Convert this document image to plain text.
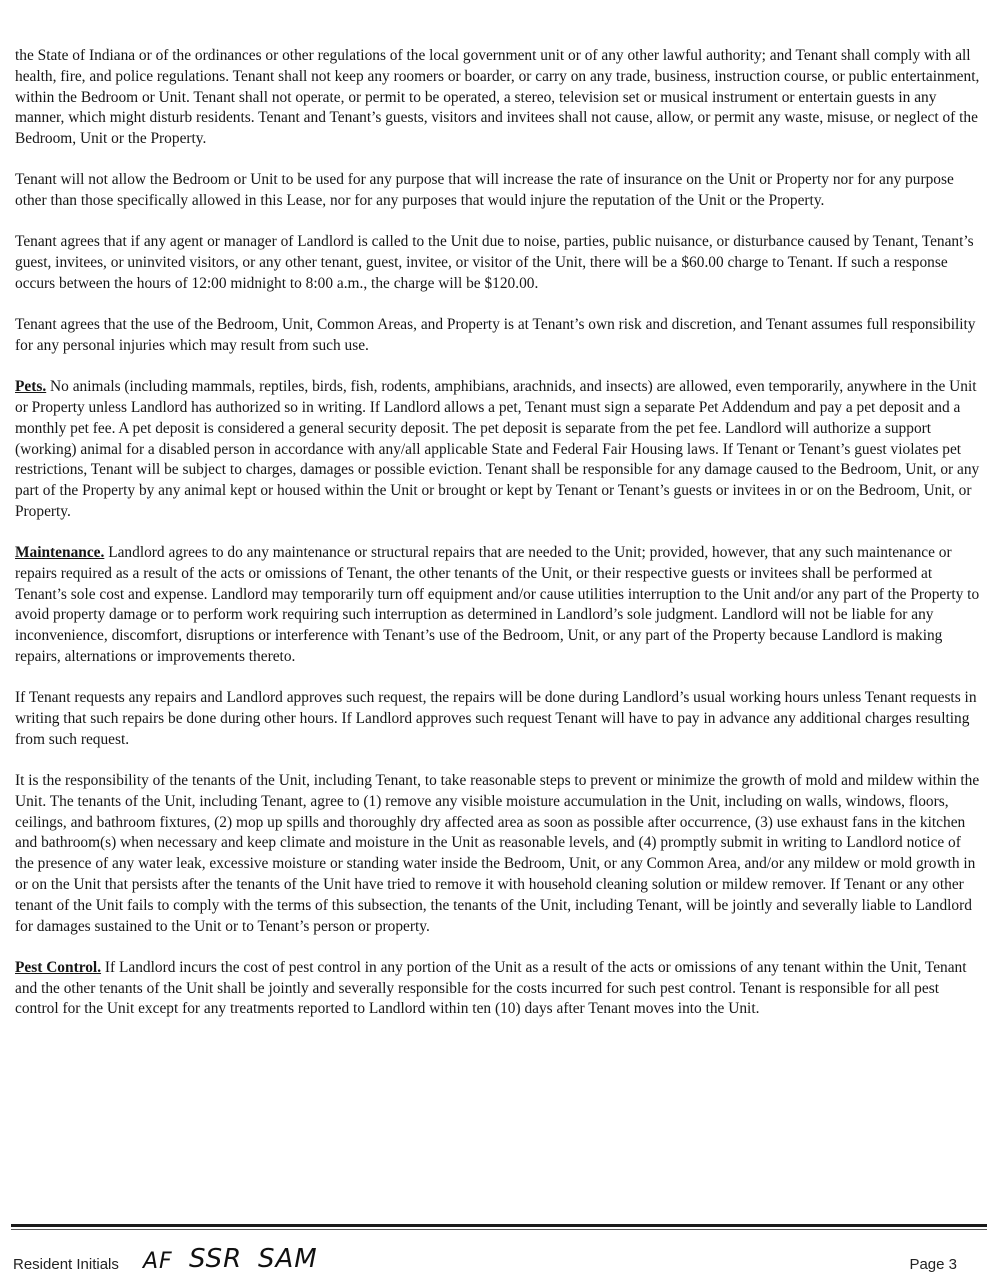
the State of Indiana or of the ordinances or other regulations of the local government unit or of any other lawful authority; and Tenant shall comply with all health, fire, and police regulations. Tenant shall not keep any roomers or boarder, or carry on any trade, business, instruction course, or public entertainment, within the Bedroom or Unit. Tenant shall not operate, or permit to be operated, a stereo, television set or musical instrument or entertain guests in any manner, which might disturb residents. Tenant and Tenant’s guests, visitors and invitees shall not cause, allow, or permit any waste, misuse, or neglect of the Bedroom, Unit or the Property.

Tenant will not allow the Bedroom or Unit to be used for any purpose that will increase the rate of insurance on the Unit or Property nor for any purpose other than those specifically allowed in this Lease, nor for any purposes that would injure the reputation of the Unit or the Property.

Tenant agrees that if any agent or manager of Landlord is called to the Unit due to noise, parties, public nuisance, or disturbance caused by Tenant, Tenant’s guest, invitees, or uninvited visitors, or any other tenant, guest, invitee, or visitor of the Unit, there will be a $60.00 charge to Tenant. If such a response occurs between the hours of 12:00 midnight to 8:00 a.m., the charge will be $120.00.

Tenant agrees that the use of the Bedroom, Unit, Common Areas, and Property is at Tenant’s own risk and discretion, and Tenant assumes full responsibility for any personal injuries which may result from such use.

Pets. No animals (including mammals, reptiles, birds, fish, rodents, amphibians, arachnids, and insects) are allowed, even temporarily, anywhere in the Unit or Property unless Landlord has authorized so in writing. If Landlord allows a pet, Tenant must sign a separate Pet Addendum and pay a pet deposit and a monthly pet fee. A pet deposit is considered a general security deposit. The pet deposit is separate from the pet fee. Landlord will authorize a support (working) animal for a disabled person in accordance with any/all applicable State and Federal Fair Housing laws. If Tenant or Tenant’s guest violates pet restrictions, Tenant will be subject to charges, damages or possible eviction. Tenant shall be responsible for any damage caused to the Bedroom, Unit, or any part of the Property by any animal kept or housed within the Unit or brought or kept by Tenant or Tenant’s guests or invitees in or on the Bedroom, Unit, or Property.

Maintenance. Landlord agrees to do any maintenance or structural repairs that are needed to the Unit; provided, however, that any such maintenance or repairs required as a result of the acts or omissions of Tenant, the other tenants of the Unit, or their respective guests or invitees shall be performed at Tenant’s sole cost and expense. Landlord may temporarily turn off equipment and/or cause utilities interruption to the Unit and/or any part of the Property to avoid property damage or to perform work requiring such interruption as determined in Landlord’s sole judgment. Landlord will not be liable for any inconvenience, discomfort, disruptions or interference with Tenant’s use of the Bedroom, Unit, or any part of the Property because Landlord is making repairs, alternations or improvements thereto.

If Tenant requests any repairs and Landlord approves such request, the repairs will be done during Landlord’s usual working hours unless Tenant requests in writing that such repairs be done during other hours. If Landlord approves such request Tenant will have to pay in advance any additional charges resulting from such request.

It is the responsibility of the tenants of the Unit, including Tenant, to take reasonable steps to prevent or minimize the growth of mold and mildew within the Unit. The tenants of the Unit, including Tenant, agree to (1) remove any visible moisture accumulation in the Unit, including on walls, windows, floors, ceilings, and bathroom fixtures, (2) mop up spills and thoroughly dry affected area as soon as possible after occurrence, (3) use exhaust fans in the kitchen and bathroom(s) when necessary and keep climate and moisture in the Unit as reasonable levels, and (4) promptly submit in writing to Landlord notice of the presence of any water leak, excessive moisture or standing water inside the Bedroom, Unit, or any Common Area, and/or any mildew or mold growth in or on the Unit that persists after the tenants of the Unit have tried to remove it with household cleaning solution or mildew remover. If Tenant or any other tenant of the Unit fails to comply with the terms of this subsection, the tenants of the Unit, including Tenant, will be jointly and severally liable to Landlord for damages sustained to the Unit or to Tenant’s person or property.

Pest Control. If Landlord incurs the cost of pest control in any portion of the Unit as a result of the acts or omissions of any tenant within the Unit, Tenant and the other tenants of the Unit shall be jointly and severally responsible for the costs incurred for such pest control. Tenant is responsible for all pest control for the Unit except for any treatments reported to Landlord within ten (10) days after Tenant moves into the Unit.

Resident Initials AF SSR SAM	Page 3
